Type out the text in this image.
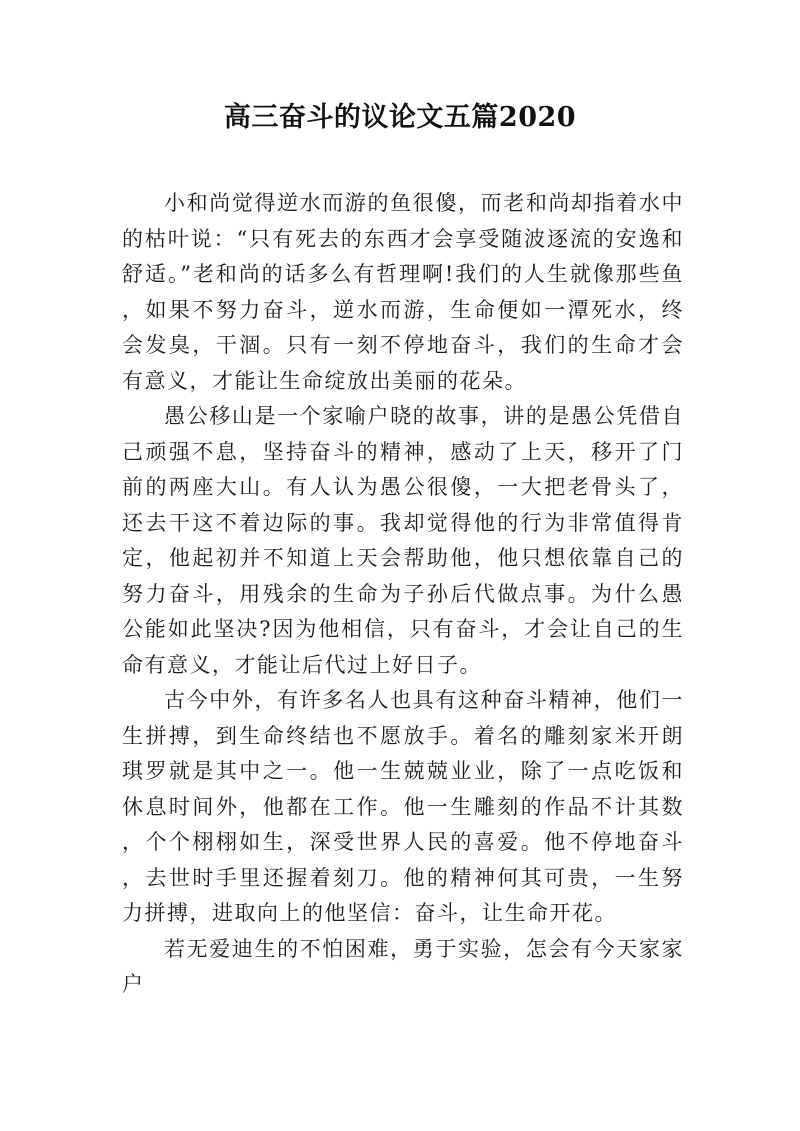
高三奋斗的议论文五篇2020

小和尚觉得逆水而游的鱼很傻，而老和尚却指着水中的枯叶说：“只有死去的东西才会享受随波逐流的安逸和舒适。”老和尚的话多么有哲理啊!我们的人生就像那些鱼，如果不努力奋斗，逆水而游，生命便如一潭死水，终会发臭，干涸。只有一刻不停地奋斗，我们的生命才会有意义，才能让生命绽放出美丽的花朵。

愚公移山是一个家喻户晓的故事，讲的是愚公凭借自己顽强不息，坚持奋斗的精神，感动了上天，移开了门前的两座大山。有人认为愚公很傻，一大把老骨头了，还去干这不着边际的事。我却觉得他的行为非常值得肯定，他起初并不知道上天会帮助他，他只想依靠自己的努力奋斗，用残余的生命为子孙后代做点事。为什么愚公能如此坚决?因为他相信，只有奋斗，才会让自己的生命有意义，才能让后代过上好日子。

古今中外，有许多名人也具有这种奋斗精神，他们一生拼搏，到生命终结也不愿放手。着名的雕刻家米开朗琪罗就是其中之一。他一生兢兢业业，除了一点吃饭和休息时间外，他都在工作。他一生雕刻的作品不计其数，个个栩栩如生，深受世界人民的喜爱。他不停地奋斗，去世时手里还握着刻刀。他的精神何其可贵，一生努力拼搏，进取向上的他坚信：奋斗，让生命开花。

若无爱迪生的不怕困难，勇于实验，怎会有今天家家户
